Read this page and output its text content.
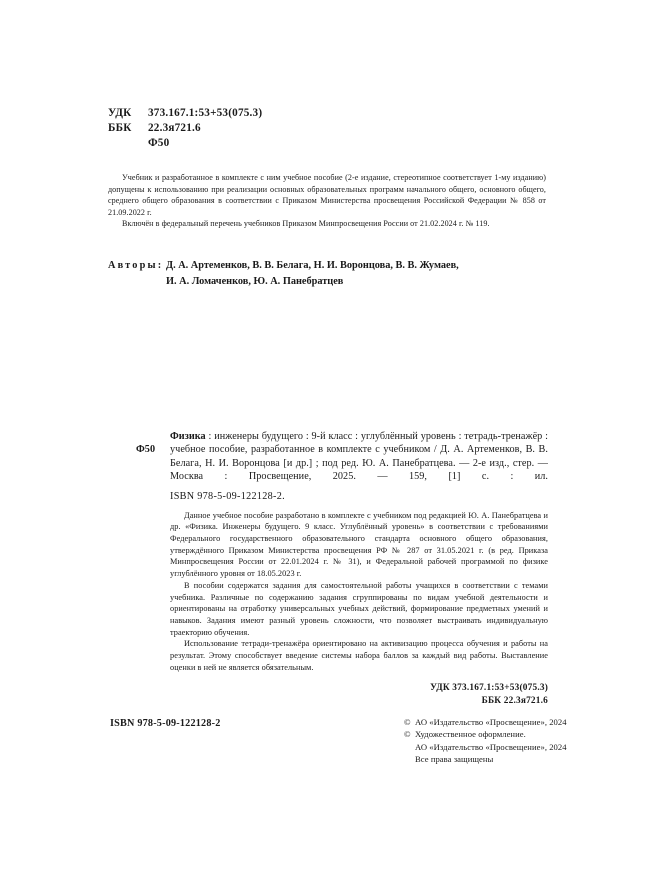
УДК 373.167.1:53+53(075.3)
ББК 22.3я721.6
Ф50

Учебник и разработанное в комплекте с ним учебное пособие (2-е издание, стереотипное соответствует 1-му изданию) допущены к использованию при реализации основных образовательных программ начального общего, основного общего, среднего общего образования в соответствии с Приказом Министерства просвещения Российской Федерации № 858 от 21.09.2022 г.

Включён в федеральный перечень учебников Приказом Минпросвещения России от 21.02.2024 г. № 119.

Авторы: Д. А. Артеменков, В. В. Белага, Н. И. Воронцова, В. В. Жумаев,
И. А. Ломаченков, Ю. А. Панебратцев
Ф50
Физика : инженеры будущего : 9-й класс : углублённый уровень : тетрадь-тренажёр : учебное пособие, разработанное в комплекте с учебником / Д. А. Артеменков, В. В. Белага, Н. И. Воронцова [и др.] ; под ред. Ю. А. Панебратцева. — 2-е изд., стер. — Москва : Просвещение, 2025. — 159, [1] с. : ил.
ISBN 978-5-09-122128-2.

Данное учебное пособие разработано в комплекте с учебником под редакцией Ю. А. Панебратцева и др. «Физика. Инженеры будущего. 9 класс. Углублённый уровень» в соответствии с требованиями Федерального государственного образовательного стандарта основного общего образования, утверждённого Приказом Министерства просвещения РФ № 287 от 31.05.2021 г. (в ред. Приказа Минпросвещения России от 22.01.2024 г. № 31), и Федеральной рабочей программой по физике углублённого уровня от 18.05.2023 г.

В пособии содержатся задания для самостоятельной работы учащихся в соответствии с темами учебника. Различные по содержанию задания сгруппированы по видам учебной деятельности и ориентированы на отработку универсальных учебных действий, формирование предметных умений и навыков. Задания имеют разный уровень сложности, что позволяет выстраивать индивидуальную траекторию обучения.

Использование тетради-тренажёра ориентировано на активизацию процесса обучения и работы на результат. Этому способствует введение системы набора баллов за каждый вид работы. Выставление оценки в ней не является обязательным.

УДК 373.167.1:53+53(075.3)
ББК 22.3я721.6
ISBN 978-5-09-122128-2	© АО «Издательство «Просвещение», 2024
© Художественное оформление.
АО «Издательство «Просвещение», 2024
Все права защищены
